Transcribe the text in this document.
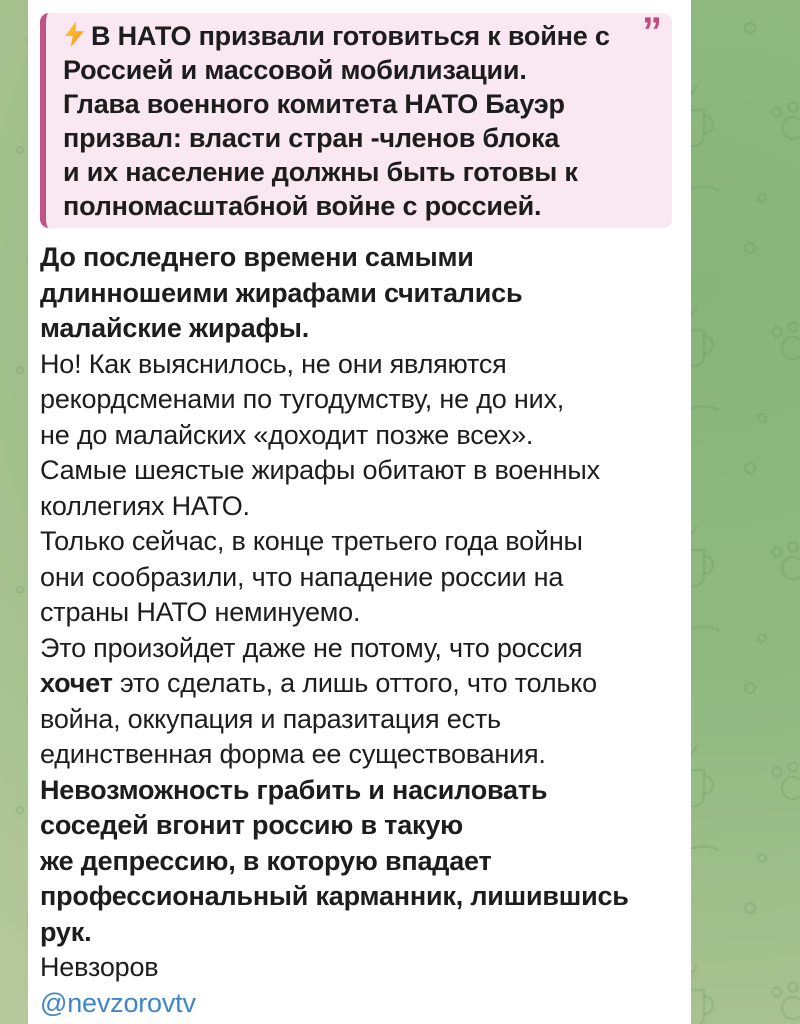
”
В НАТО призвали готовиться к войне с
Россией и массовой мобилизации.
Глава военного комитета НАТО Бауэр
призвал: власти стран -членов блока
и их население должны быть готовы к
полномасштабной войне с россией.
До последнего времени самыми
длинношеими жирафами считались
малайские жирафы.
Но! Как выяснилось, не они являются
рекордсменами по тугодумству, не до них,
не до малайских «доходит позже всех».
Самые шеястые жирафы обитают в военных
коллегиях НАТО.
Только сейчас, в конце третьего года войны
они сообразили, что нападение россии на
страны НАТО неминуемо.
Это произойдет даже не потому, что россия
хочет это сделать, а лишь оттого, что только
война, оккупация и паразитация есть
единственная форма ее существования.
Невозможность грабить и насиловать
соседей вгонит россию в такую
же депрессию, в которую впадает
профессиональный карманник, лишившись
рук.
Невзоров
@nevzorovtv
